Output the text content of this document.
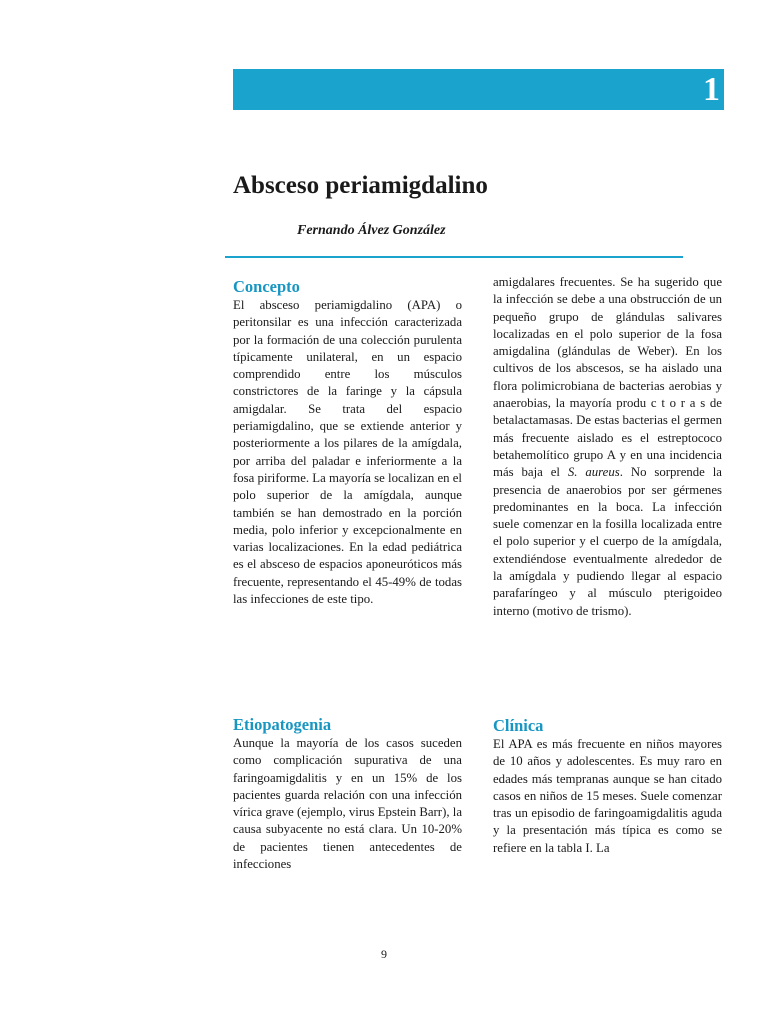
1
Absceso periamigdalino
Fernando Álvez González
Concepto

El absceso periamigdalino (APA) o peritonsilar es una infección caracterizada por la formación de una colección purulenta típicamente unilateral, en un espacio comprendido entre los músculos constrictores de la faringe y la cápsula amigdalar. Se trata del espacio periamigdalino, que se extiende anterior y posteriormente a los pilares de la amígdala, por arriba del paladar e inferiormente a la fosa piriforme. La mayoría se localizan en el polo superior de la amígdala, aunque también se han demostrado en la porción media, polo inferior y excepcionalmente en varias localizaciones. En la edad pediátrica es el absceso de espacios aponeuróticos más frecuente, representando el 45-49% de todas las infecciones de este tipo.

Etiopatogenia

Aunque la mayoría de los casos suceden como complicación supurativa de una faringoamigdalitis y en un 15% de los pacientes guarda relación con una infección vírica grave (ejemplo, virus Epstein Barr), la causa subyacente no está clara. Un 10-20% de pacientes tienen antecedentes de infecciones

amigdalares frecuentes. Se ha sugerido que la infección se debe a una obstrucción de un pequeño grupo de glándulas salivares localizadas en el polo superior de la fosa amigdalina (glándulas de Weber). En los cultivos de los abscesos, se ha aislado una flora polimicrobiana de bacterias aerobias y anaerobias, la mayoría produ c t o r a s de betalactamasas. De estas bacterias el germen más frecuente aislado es el estreptococo betahemolítico grupo A y en una incidencia más baja el S. aureus. No sorprende la presencia de anaerobios por ser gérmenes predominantes en la boca. La infección suele comenzar en la fosilla localizada entre el polo superior y el cuerpo de la amígdala, extendiéndose eventualmente alrededor de la amígdala y pudiendo llegar al espacio parafaríngeo y al músculo pterigoideo interno (motivo de trismo).

Clínica

El APA es más frecuente en niños mayores de 10 años y adolescentes. Es muy raro en edades más tempranas aunque se han citado casos en niños de 15 meses. Suele comenzar tras un episodio de faringoamigdalitis aguda y la presentación más típica es como se refiere en la tabla I. La

9
